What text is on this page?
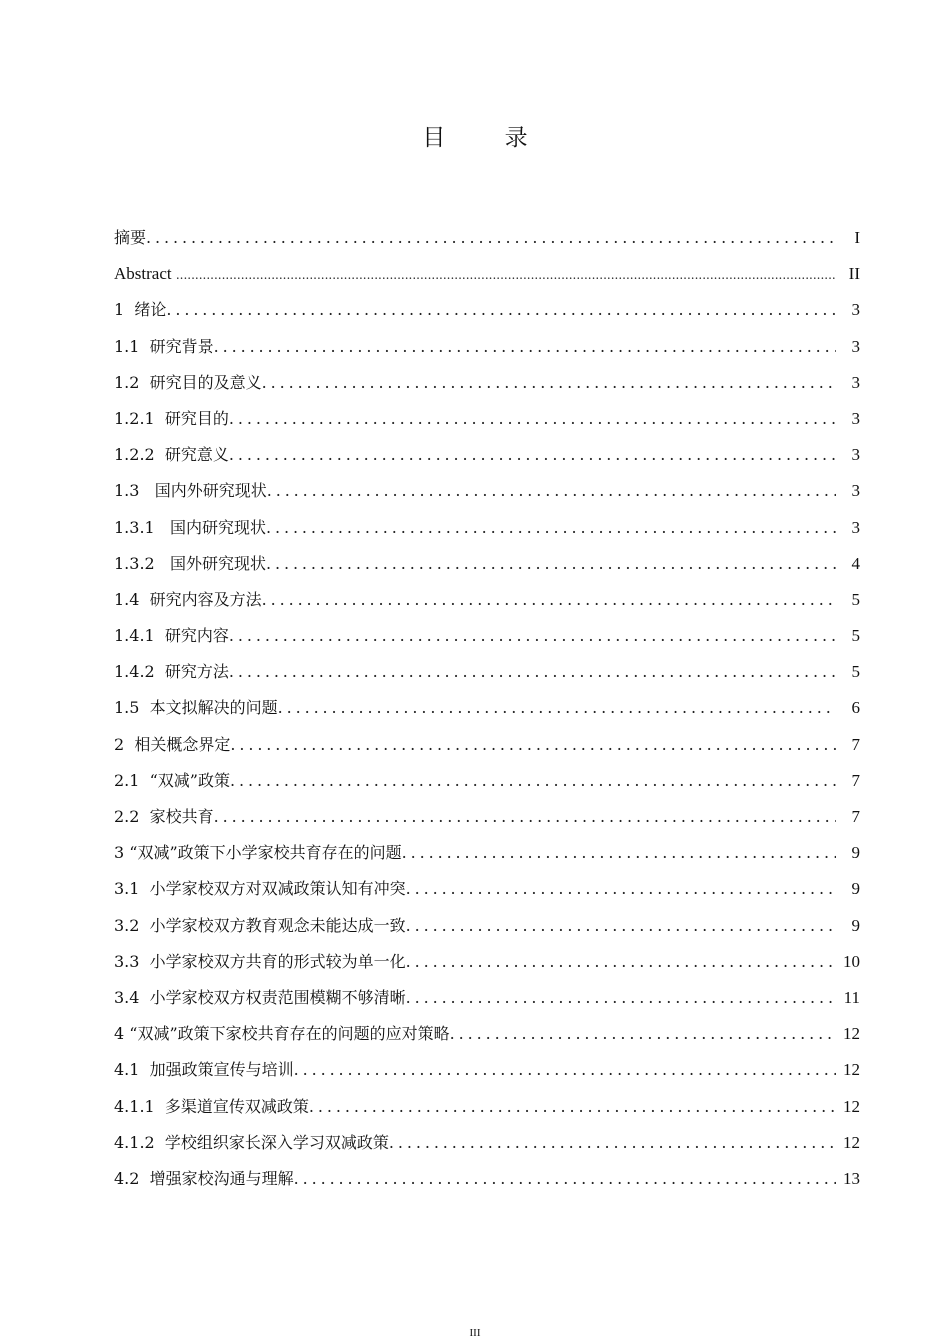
目 录
摘要 .....	I
Abstract .....	II
1  绪论 .....	3
1.1  研究背景 .....	3
1.2  研究目的及意义 .....	3
1.2.1  研究目的 .....	3
1.2.2  研究意义 .....	3
1.3   国内外研究现状 .....	3
1.3.1   国内研究现状 .....	3
1.3.2   国外研究现状 .....	4
1.4  研究内容及方法 .....	5
1.4.1  研究内容 .....	5
1.4.2  研究方法 .....	5
1.5  本文拟解决的问题 .....	6
2  相关概念界定 .....	7
2.1  “双减”政策 .....	7
2.2  家校共育 .....	7
3 “双减”政策下小学家校共育存在的问题 .....	9
3.1  小学家校双方对双减政策认知有冲突 .....	9
3.2  小学家校双方教育观念未能达成一致 .....	9
3.3  小学家校双方共育的形式较为单一化 .....	10
3.4  小学家校双方权责范围模糊不够清晰 .....	11
4 “双减”政策下家校共育存在的问题的应对策略 .....	12
4.1  加强政策宣传与培训 .....	12
4.1.1  多渠道宣传双减政策 .....	12
4.1.2  学校组织家长深入学习双减政策 .....	12
4.2  增强家校沟通与理解 .....	13
III
